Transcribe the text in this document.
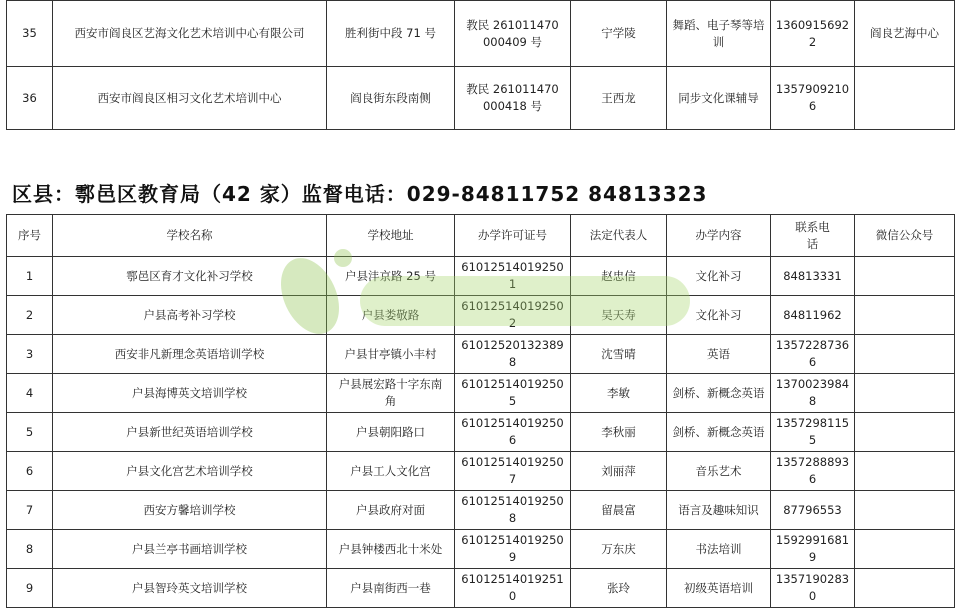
35	西安市阎良区艺海文化艺术培训中心有限公司	胜利街中段 71 号	教民 261011470000409 号	宁学陵	舞蹈、电子琴等培训	13609156922	阎良艺海中心
36	西安市阎良区相习文化艺术培训中心	阎良街东段南侧	教民 261011470000418 号	王西龙	同步文化课辅导	13579092106	
区县：鄠邑区教育局（42 家）监督电话：029-84811752 84813323
序号	学校名称	学校地址	办学许可证号	法定代表人	办学内容	联系电话	微信公众号
1	鄠邑区育才文化补习学校	户县沣京路 25 号	610125140192501	赵忠信	文化补习	84813331	
2	户县高考补习学校	户县娄敬路	610125140192502	吴天寿	文化补习	84811962	
3	西安非凡新理念英语培训学校	户县甘亭镇小丰村	610125201323898	沈雪晴	英语	13572287366	
4	户县海博英文培训学校	户县展宏路十字东南角	610125140192505	李敏	剑桥、新概念英语	13700239848	
5	户县新世纪英语培训学校	户县朝阳路口	610125140192506	李秋丽	剑桥、新概念英语	13572981155	
6	户县文化宫艺术培训学校	户县工人文化宫	610125140192507	刘丽萍	音乐艺术	13572888936	
7	西安方馨培训学校	户县政府对面	610125140192508	留晨富	语言及趣味知识	87796553	
8	户县兰亭书画培训学校	户县钟楼西北十米处	610125140192509	万东庆	书法培训	15929916819	
9	户县智玲英文培训学校	户县南街西一巷	610125140192510	张玲	初级英语培训	13571902830	
